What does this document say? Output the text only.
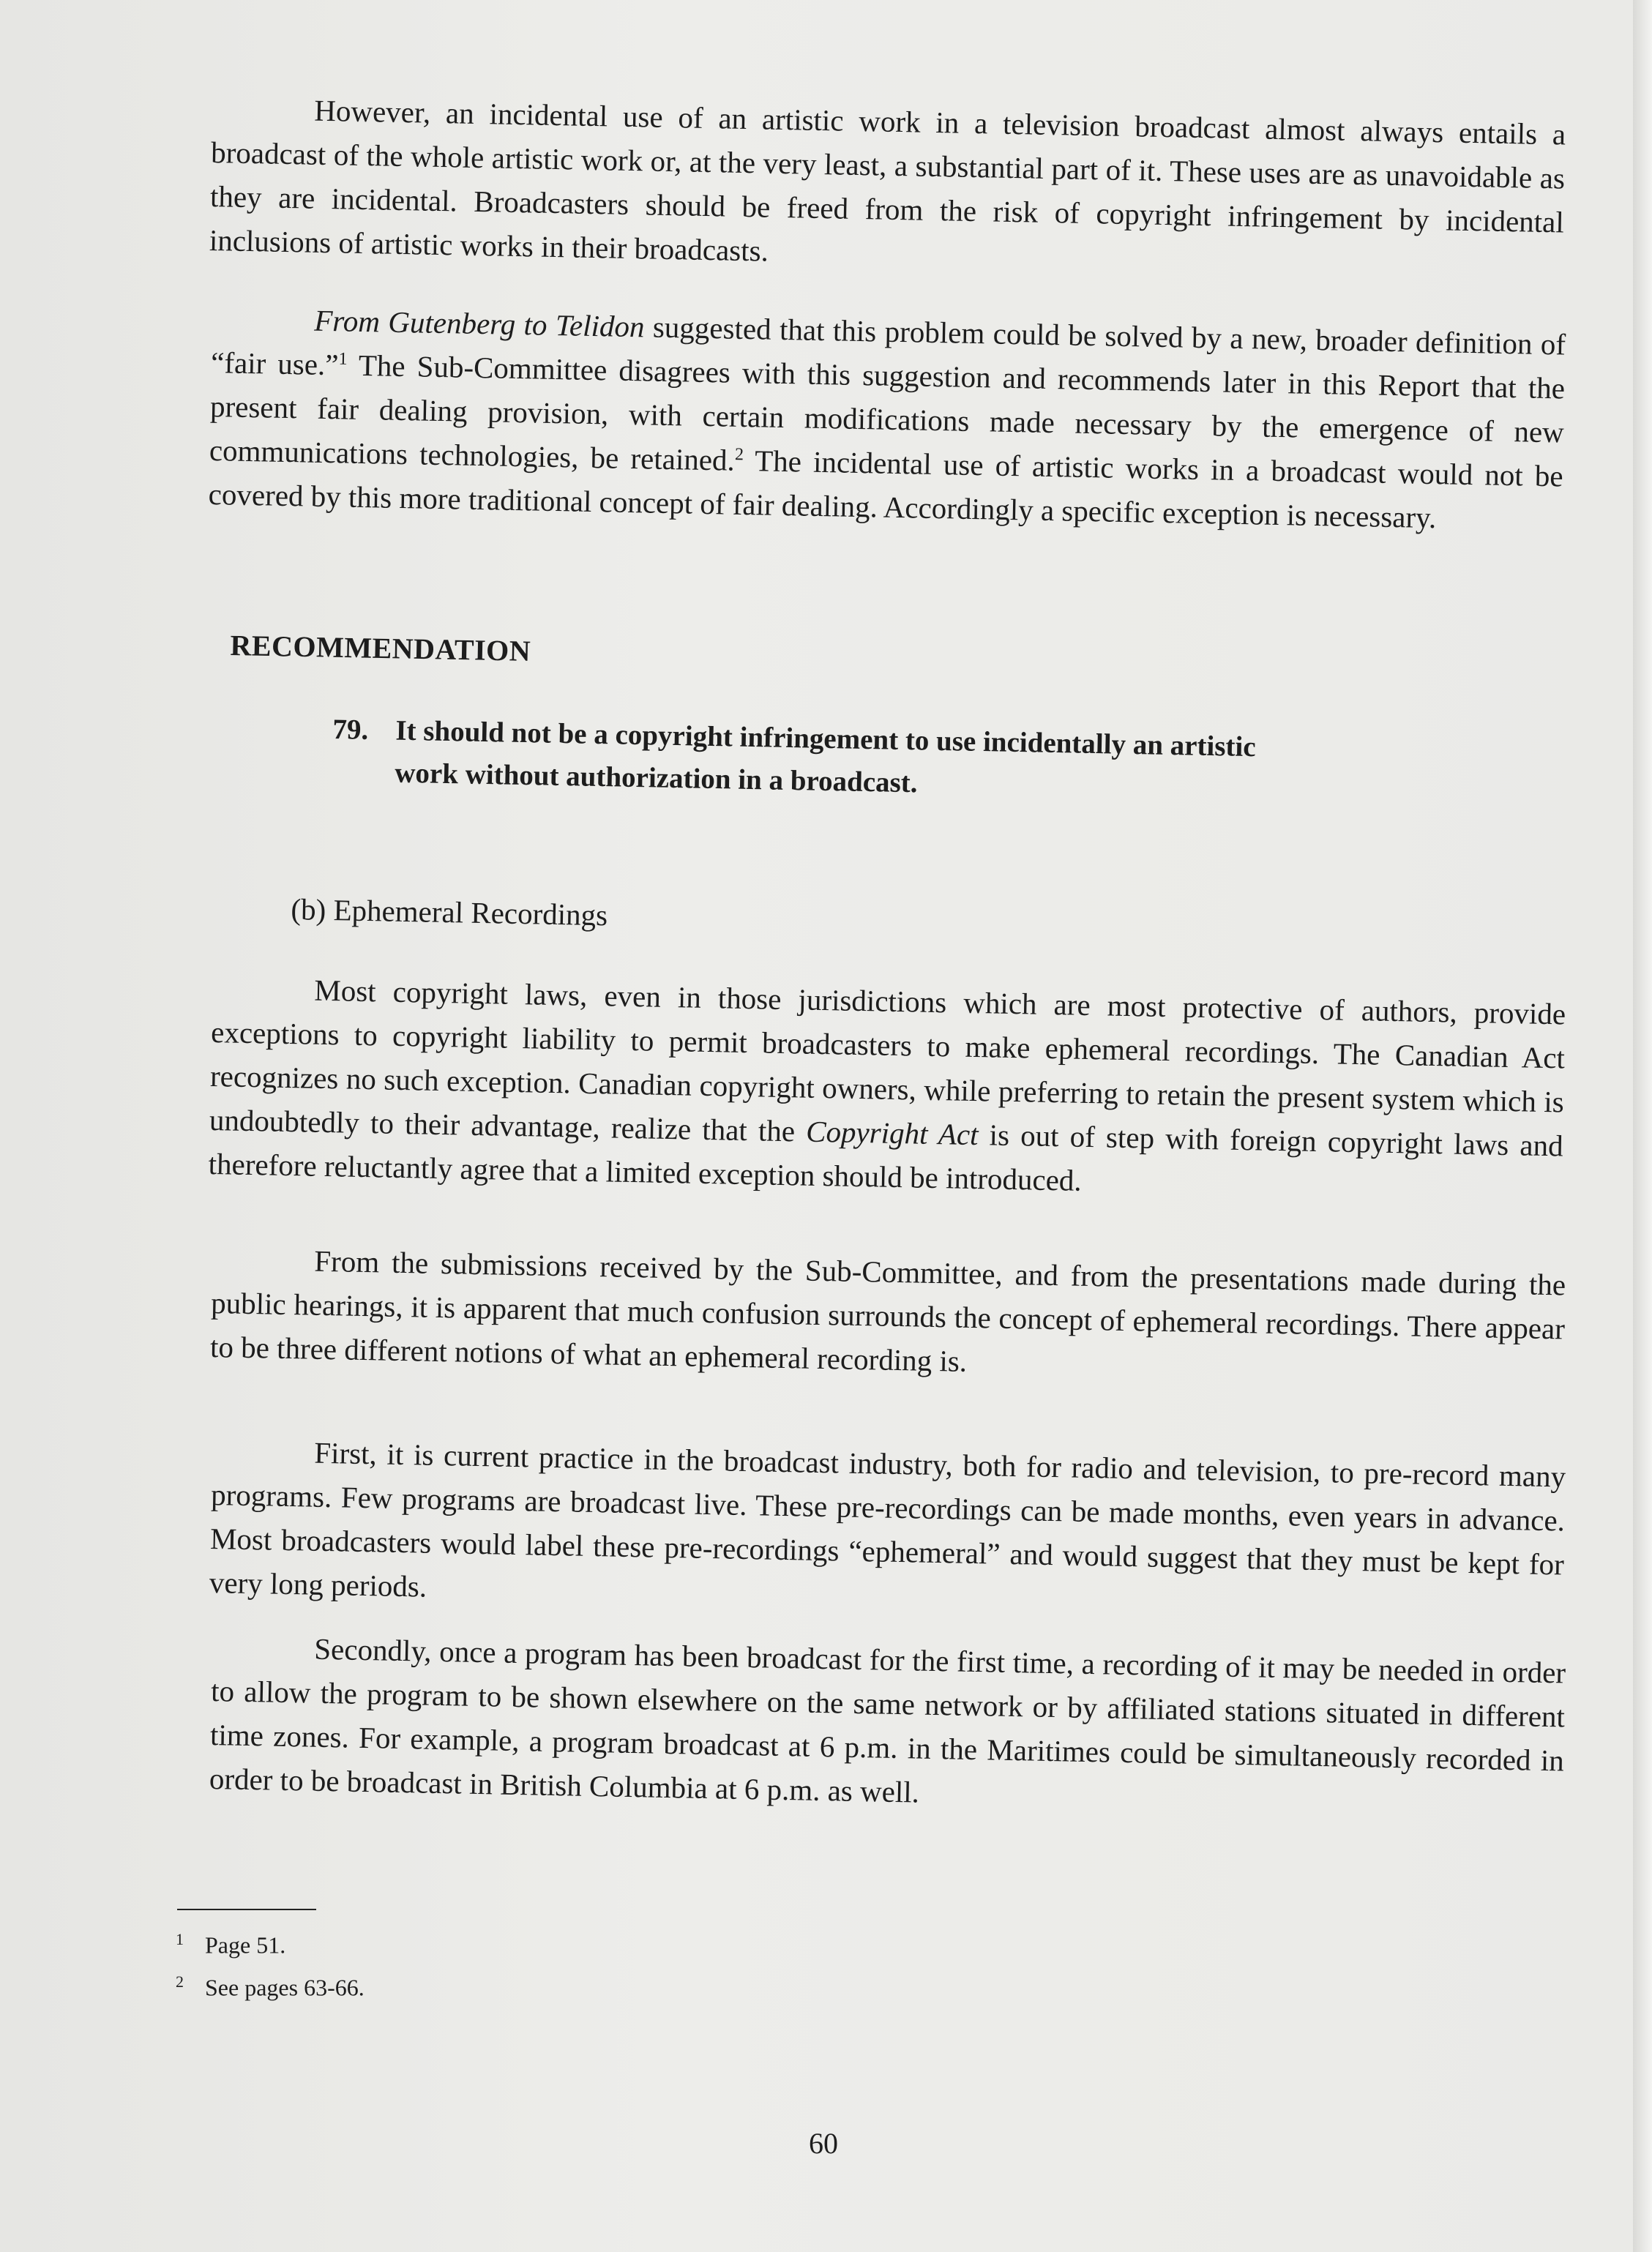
However, an incidental use of an artistic work in a television broadcast almost always entails a broadcast of the whole artistic work or, at the very least, a substantial part of it. These uses are as unavoidable as they are incidental. Broadcasters should be freed from the risk of copyright infringement by incidental inclusions of artistic works in their broadcasts.

From Gutenberg to Telidon suggested that this problem could be solved by a new, broader definition of “fair use.”$^1$ The Sub-Committee disagrees with this suggestion and recommends later in this Report that the present fair dealing provision, with certain modifications made necessary by the emergence of new communications technologies, be retained.$^2$ The incidental use of artistic works in a broadcast would not be covered by this more traditional concept of fair dealing. Accordingly a specific exception is necessary.

RECOMMENDATION
79. It should not be a copyright infringement to use incidentally an artistic
work without authorization in a broadcast.
(b) Ephemeral Recordings

Most copyright laws, even in those jurisdictions which are most protective of authors, provide exceptions to copyright liability to permit broadcasters to make ephemeral recordings. The Canadian Act recognizes no such exception. Canadian copyright owners, while preferring to retain the present system which is undoubtedly to their advantage, realize that the Copyright Act is out of step with foreign copyright laws and therefore reluctantly agree that a limited exception should be introduced.

From the submissions received by the Sub-Committee, and from the presentations made during the public hearings, it is apparent that much confusion surrounds the concept of ephemeral recordings. There appear to be three different notions of what an ephemeral recording is.

First, it is current practice in the broadcast industry, both for radio and television, to pre-record many programs. Few programs are broadcast live. These pre-recordings can be made months, even years in advance. Most broadcasters would label these pre-recordings “ephemeral” and would suggest that they must be kept for very long periods.

Secondly, once a program has been broadcast for the first time, a recording of it may be needed in order to allow the program to be shown elsewhere on the same network or by affiliated stations situated in different time zones. For example, a program broadcast at 6 p.m. in the Maritimes could be simultaneously recorded in order to be broadcast in British Columbia at 6 p.m. as well.

1 Page 51.
2 See pages 63-66.
60
